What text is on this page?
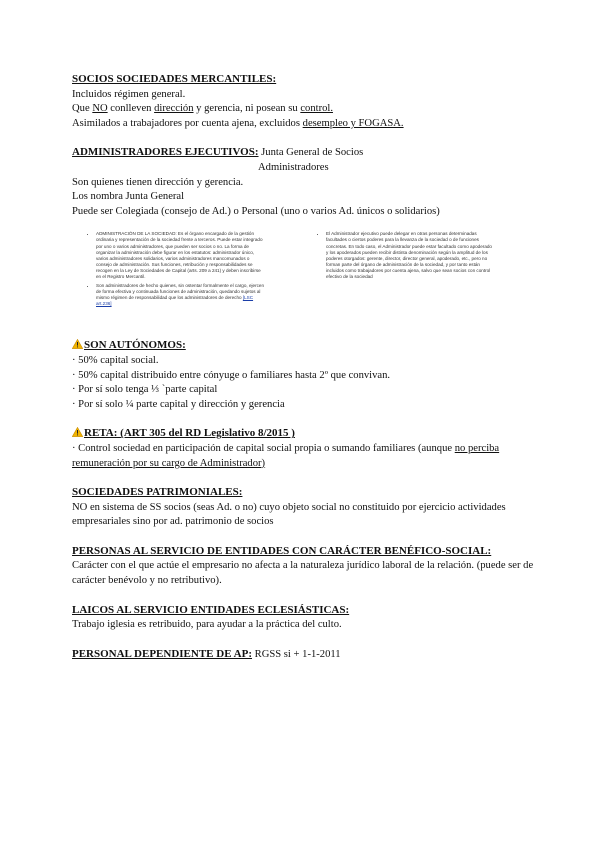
SOCIOS SOCIEDADES MERCANTILES:

Incluidos régimen general.

Que NO conlleven dirección y gerencia, ni posean su control.

Asimilados a trabajadores por cuenta ajena, excluidos desempleo y FOGASA.

ADMINISTRADORES EJECUTIVOS: Junta General de Socios

Administradores

Son quienes tienen dirección y gerencia.

Los nombra Junta General

Puede ser Colegiada (consejo de Ad.) o Personal (uno o varios Ad. únicos o solidarios)

• ADMINISTRACIÓN DE LA SOCIEDAD: Es el órgano encargado de la gestión ordinaria y representación de la sociedad frente a terceros. Puede estar integrado por uno o varios administradores, que pueden ser socios o no. La forma de organizar la administración debe figurar en los estatutos: administrador único, varios administradores solidarios, varios administradores mancomunados o consejo de administración. Sus funciones, retribución y responsabilidades se recogen en la Ley de Sociedades de Capital (arts. 209 a 241) y deben inscribirse en el Registro Mercantil.
• Son administradores de hecho quienes, sin ostentar formalmente el cargo, ejercen de forma efectiva y continuada funciones de administración, quedando sujetos al mismo régimen de responsabilidad que los administradores de derecho [LSC art.236]
• El Administrador ejecutivo puede delegar en otras personas determinadas facultades o ciertos poderes para la llevanza de la sociedad o de funciones concretas. En todo caso, el Administrador puede estar facultado como apoderado y los apoderados pueden recibir distinta denominación según la amplitud de los poderes otorgados: gerente, director, director general, apoderado, etc., pero no forman parte del órgano de administración de la sociedad, y por tanto están incluidos como trabajadores por cuenta ajena, salvo que sean socios con control efectivo de la sociedad

SON AUTÓNOMOS:

· 50% capital social.

· 50% capital distribuido entre cónyuge o familiares hasta 2º que convivan.

· Por sí solo tenga ⅓ `parte capital

· Por sí solo ¼ parte capital y dirección y gerencia

RETA: (ART 305 del RD Legislativo 8/2015 )

· Control sociedad en participación de capital social propia o sumando familiares (aunque no perciba remuneración por su cargo de Administrador)

SOCIEDADES PATRIMONIALES:

NO en sistema de SS socios (seas Ad. o no) cuyo objeto social no constituido por ejercicio actividades empresariales sino por ad. patrimonio de socios

PERSONAS AL SERVICIO DE ENTIDADES CON CARÁCTER BENÉFICO-SOCIAL:

Carácter con el que actúe el empresario no afecta a la naturaleza jurídico laboral de la relación. (puede ser de carácter benévolo y no retributivo).

LAICOS AL SERVICIO ENTIDADES ECLESIÁSTICAS:

Trabajo iglesia es retribuido, para ayudar a la práctica del culto.

PERSONAL DEPENDIENTE DE AP: RGSS si + 1-1-2011
